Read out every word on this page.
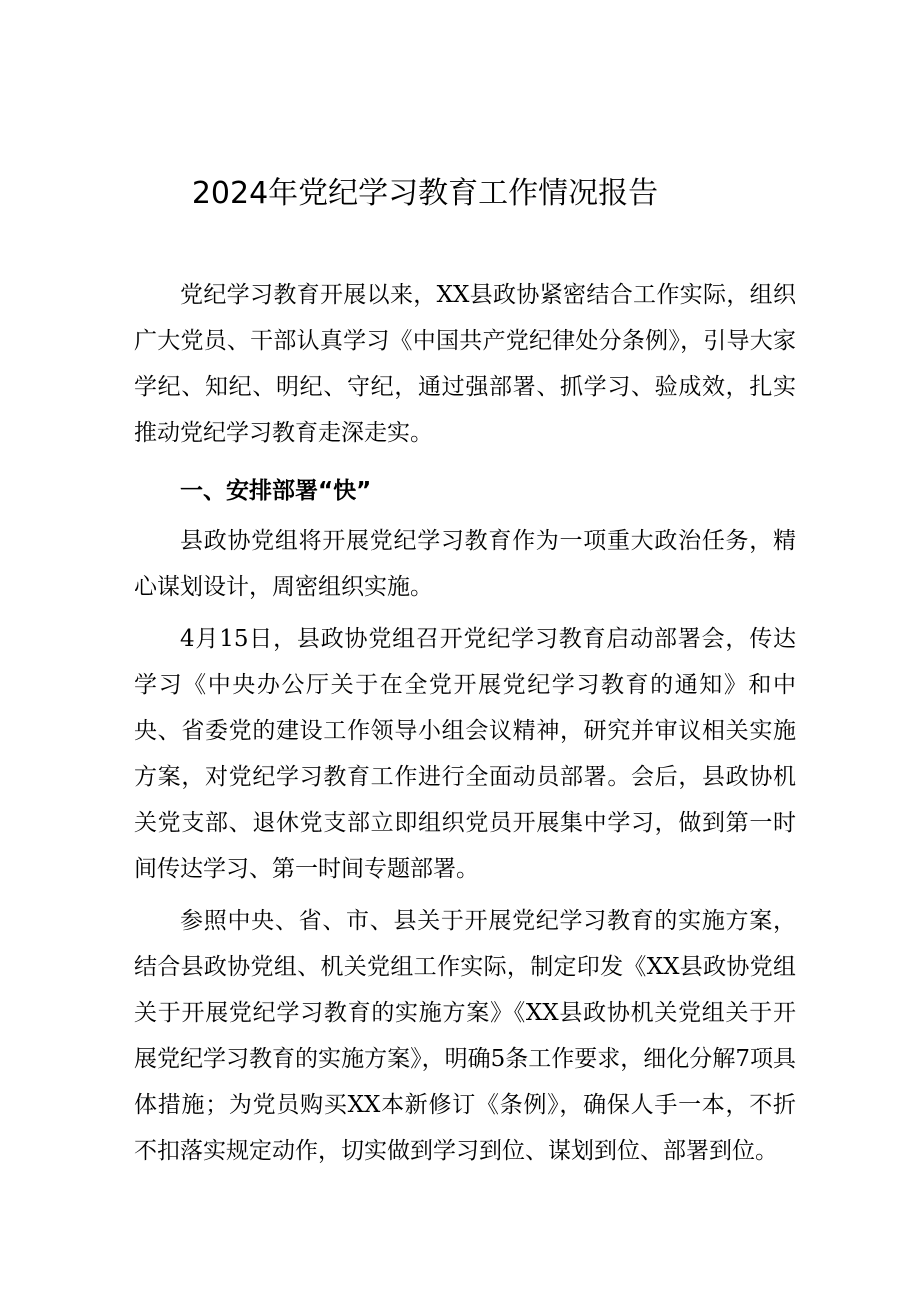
2024年党纪学习教育工作情况报告

党纪学习教育开展以来，XX县政协紧密结合工作实际，组织广大党员、干部认真学习《中国共产党纪律处分条例》，引导大家学纪、知纪、明纪、守纪，通过强部署、抓学习、验成效，扎实推动党纪学习教育走深走实。

一、安排部署“快”

县政协党组将开展党纪学习教育作为一项重大政治任务，精心谋划设计，周密组织实施。

4月15日，县政协党组召开党纪学习教育启动部署会，传达学习《中央办公厅关于在全党开展党纪学习教育的通知》和中央、省委党的建设工作领导小组会议精神，研究并审议相关实施方案，对党纪学习教育工作进行全面动员部署。会后，县政协机关党支部、退休党支部立即组织党员开展集中学习，做到第一时间传达学习、第一时间专题部署。

参照中央、省、市、县关于开展党纪学习教育的实施方案，结合县政协党组、机关党组工作实际，制定印发《XX县政协党组关于开展党纪学习教育的实施方案》《XX县政协机关党组关于开展党纪学习教育的实施方案》，明确5条工作要求，细化分解7项具体措施；为党员购买XX本新修订《条例》，确保人手一本，不折不扣落实规定动作，切实做到学习到位、谋划到位、部署到位。
